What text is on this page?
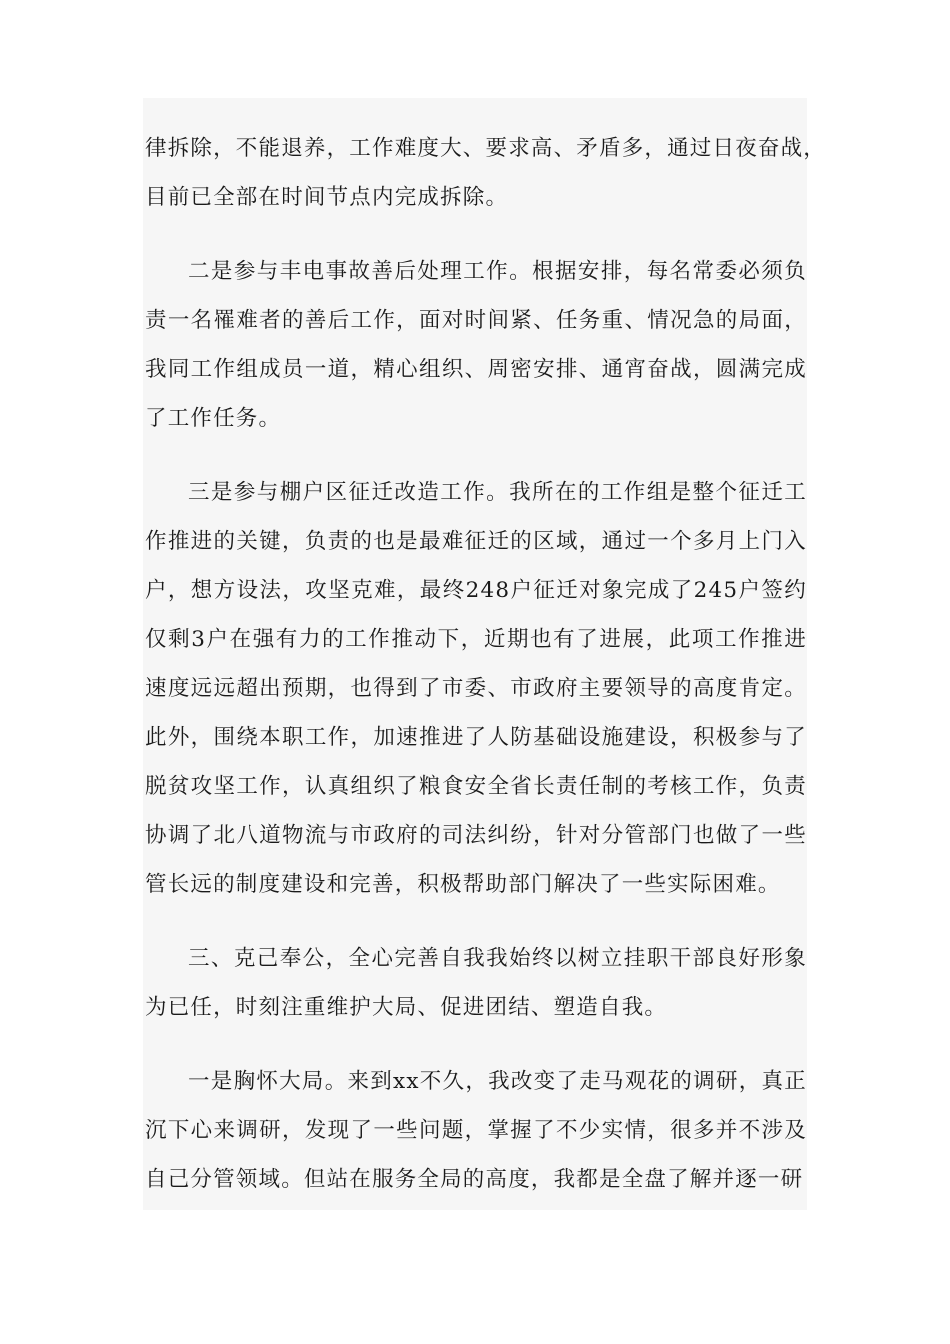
律拆除，不能退养，工作难度大、要求高、矛盾多，通过日夜奋战，
目前已全部在时间节点内完成拆除。

二是参与丰电事故善后处理工作。根据安排，每名常委必须负责一名罹难者的善后工作，面对时间紧、任务重、情况急的局面，我同工作组成员一道，精心组织、周密安排、通宵奋战，圆满完成了工作任务。

三是参与棚户区征迁改造工作。我所在的工作组是整个征迁工作推进的关键，负责的也是最难征迁的区域，通过一个多月上门入户，想方设法，攻坚克难，最终248户征迁对象完成了245户签约仅剩3户在强有力的工作推动下，近期也有了进展，此项工作推进速度远远超出预期，也得到了市委、市政府主要领导的高度肯定。此外，围绕本职工作，加速推进了人防基础设施建设，积极参与了脱贫攻坚工作，认真组织了粮食安全省长责任制的考核工作，负责协调了北八道物流与市政府的司法纠纷，针对分管部门也做了一些管长远的制度建设和完善，积极帮助部门解决了一些实际困难。

三、克己奉公，全心完善自我我始终以树立挂职干部良好形象为已任，时刻注重维护大局、促进团结、塑造自我。

一是胸怀大局。来到xx不久，我改变了走马观花的调研，真正沉下心来调研，发现了一些问题，掌握了不少实情，很多并不涉及自己分管领域。但站在服务全局的高度，我都是全盘了解并逐一研
